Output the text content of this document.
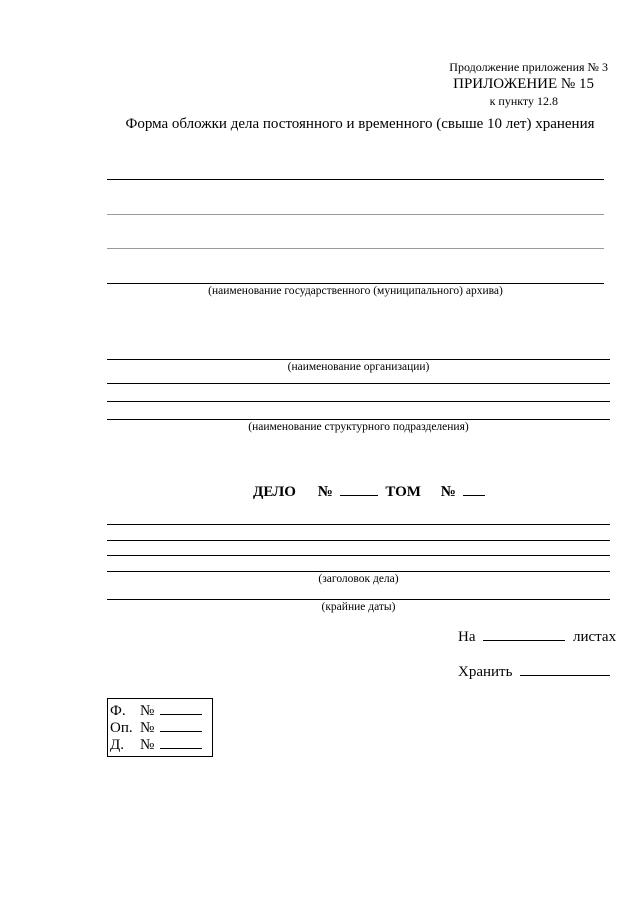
Продолжение приложения № 3
ПРИЛОЖЕНИЕ № 15
к пункту 12.8
Форма обложки дела постоянного и временного (свыше 10 лет) хранения
(наименование государственного (муниципального) архива)
(наименование организации)
(наименование структурного подразделения)
ДЕЛО №	ТОМ №
(заголовок дела)
(крайние даты)
На	листах
Хранить
Ф. №
Оп. №
Д. №
